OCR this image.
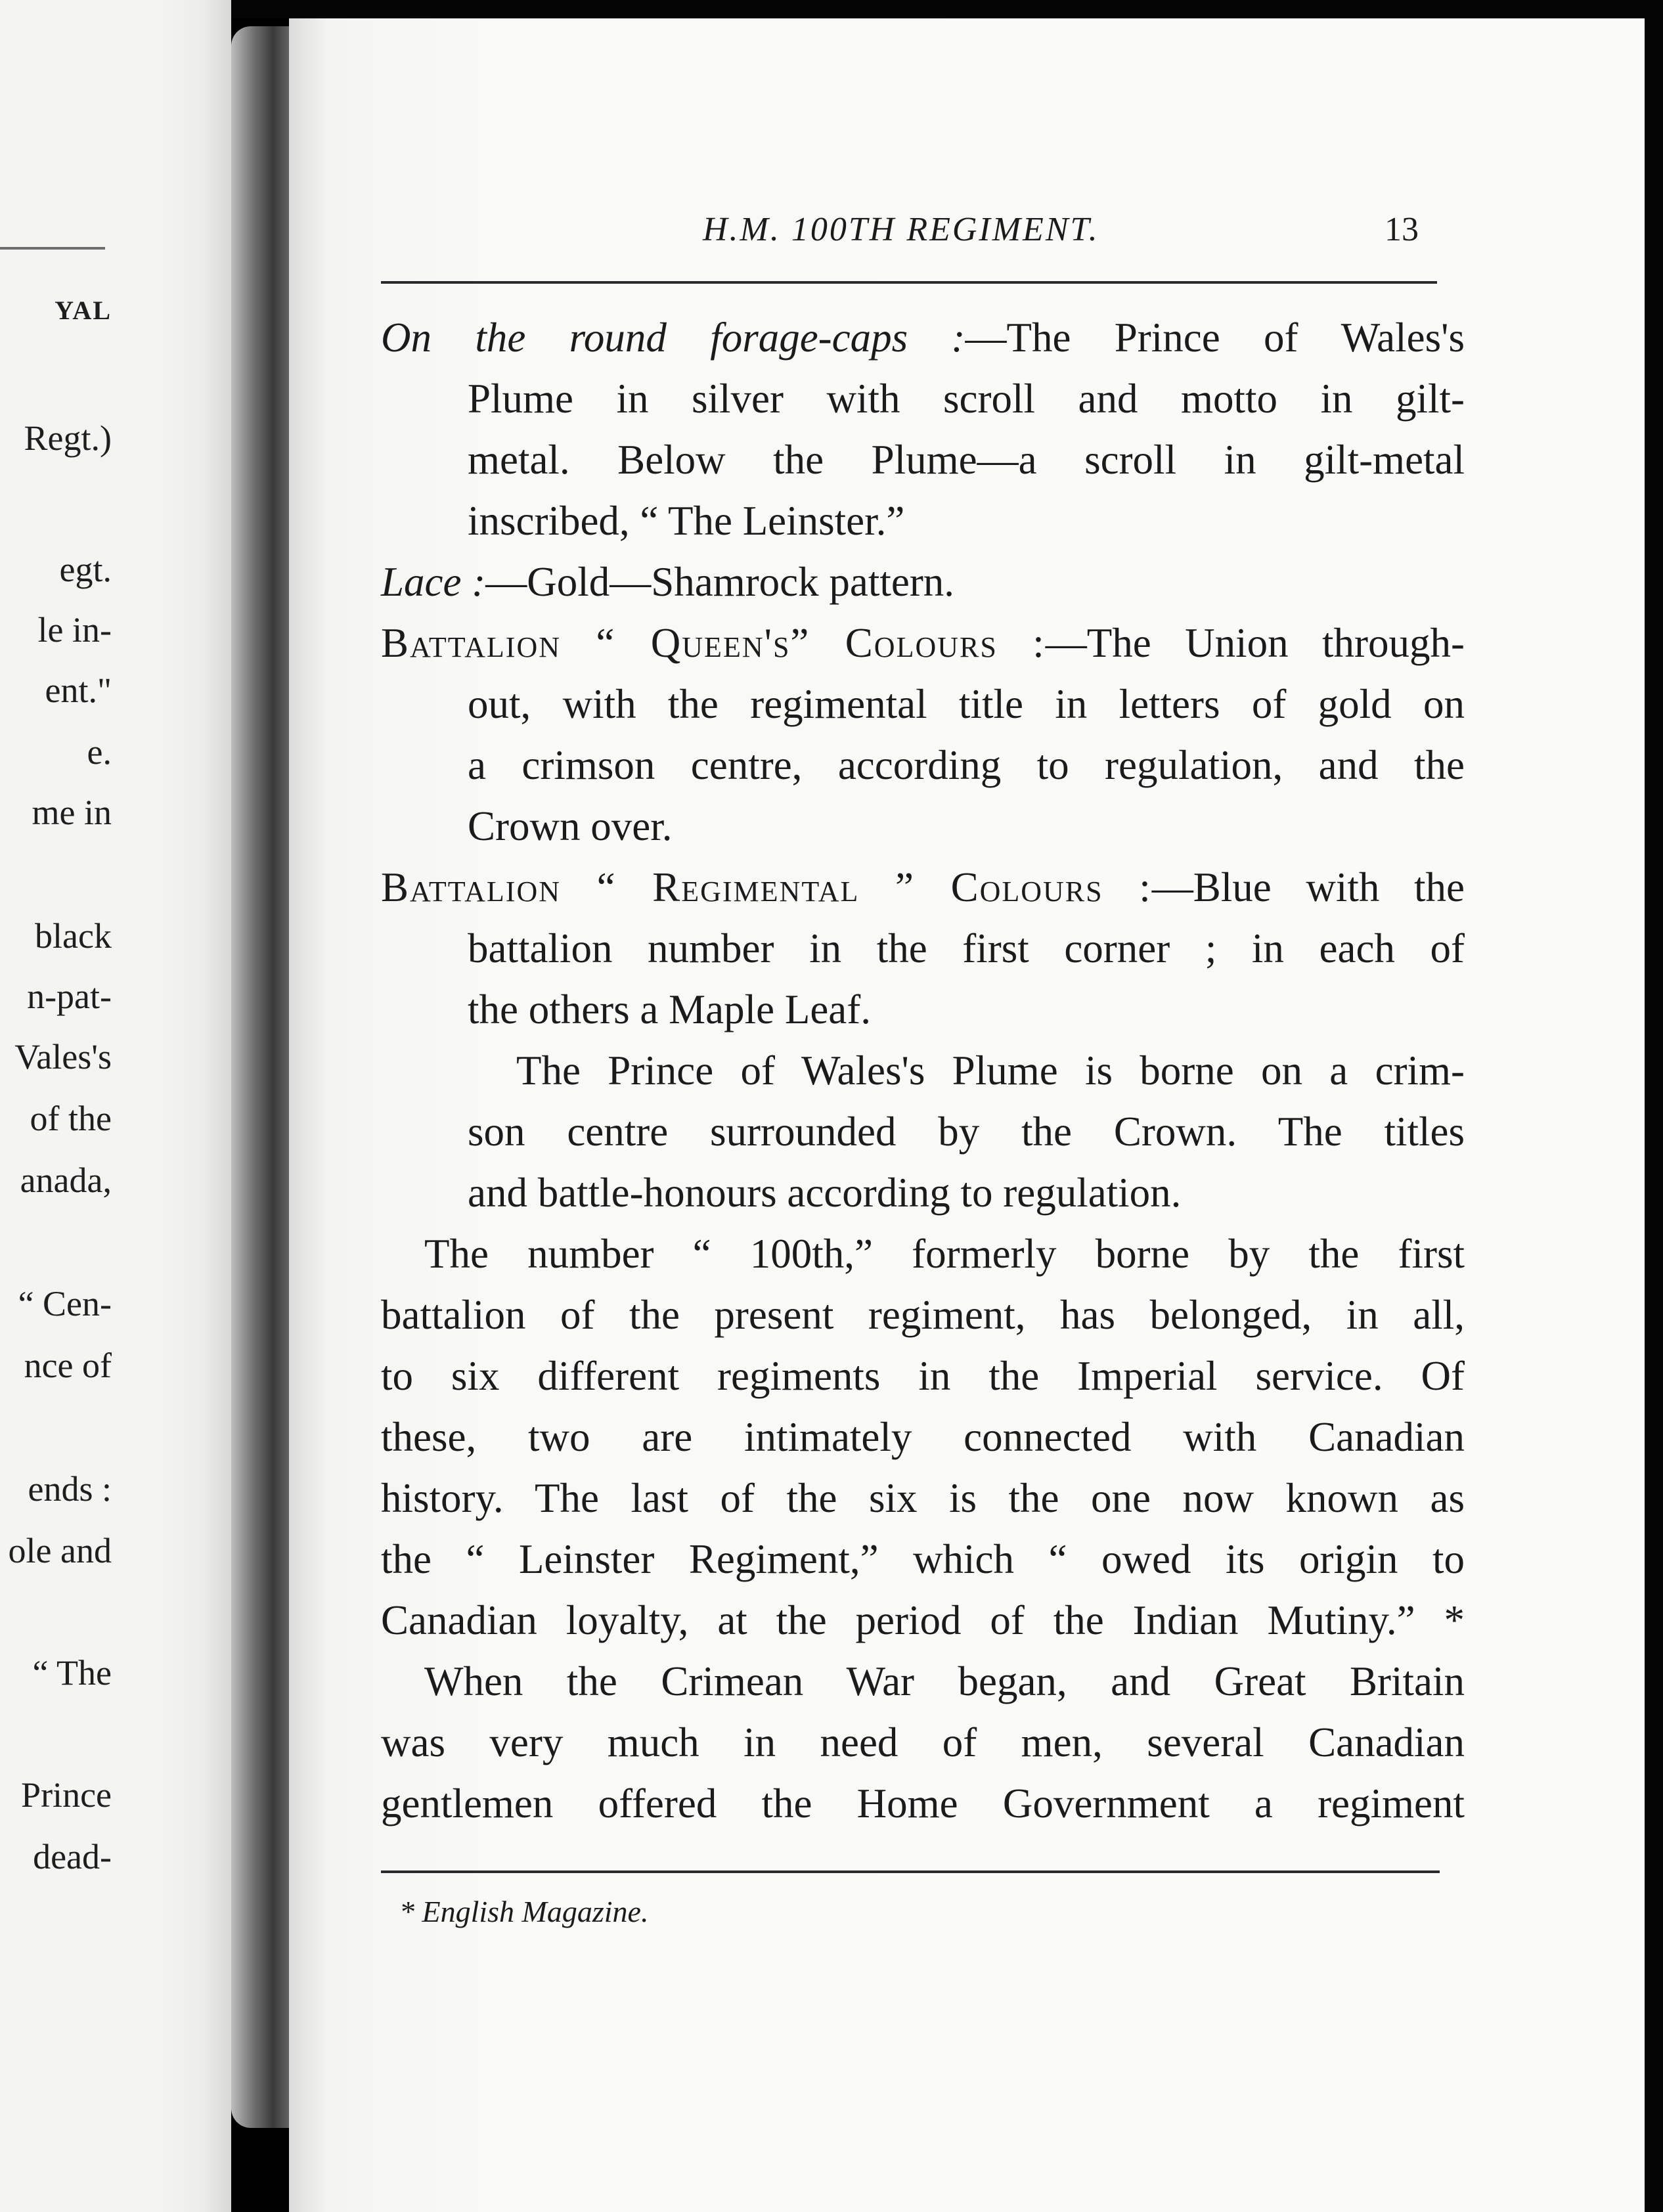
YAL
Regt.)
egt.
le in-
ent."
e.
me in
black
n-pat-
Vales's
of the
anada,
“ Cen-
nce of
ends :
ole and
“ The
Prince
dead-
H.M. 100TH REGIMENT.	13
On the round forage-caps :—The Prince of Wales's
Plume in silver with scroll and motto in gilt-
metal. Below the Plume—a scroll in gilt-metal
inscribed, “ The Leinster.”
Lace :—Gold—Shamrock pattern.
Battalion “ Queen's” Colours :—The Union through-
out, with the regimental title in letters of gold on
a crimson centre, according to regulation, and the
Crown over.
Battalion “ Regimental ” Colours :—Blue with the
battalion number in the first corner ; in each of
the others a Maple Leaf.
The Prince of Wales's Plume is borne on a crim-
son centre surrounded by the Crown. The titles
and battle-honours according to regulation.
The number “ 100th,” formerly borne by the first
battalion of the present regiment, has belonged, in all,
to six different regiments in the Imperial service. Of
these, two are intimately connected with Canadian
history. The last of the six is the one now known as
the “ Leinster Regiment,” which “ owed its origin to
Canadian loyalty, at the period of the Indian Mutiny.” *
When the Crimean War began, and Great Britain
was very much in need of men, several Canadian
gentlemen offered the Home Government a regiment
* English Magazine.
